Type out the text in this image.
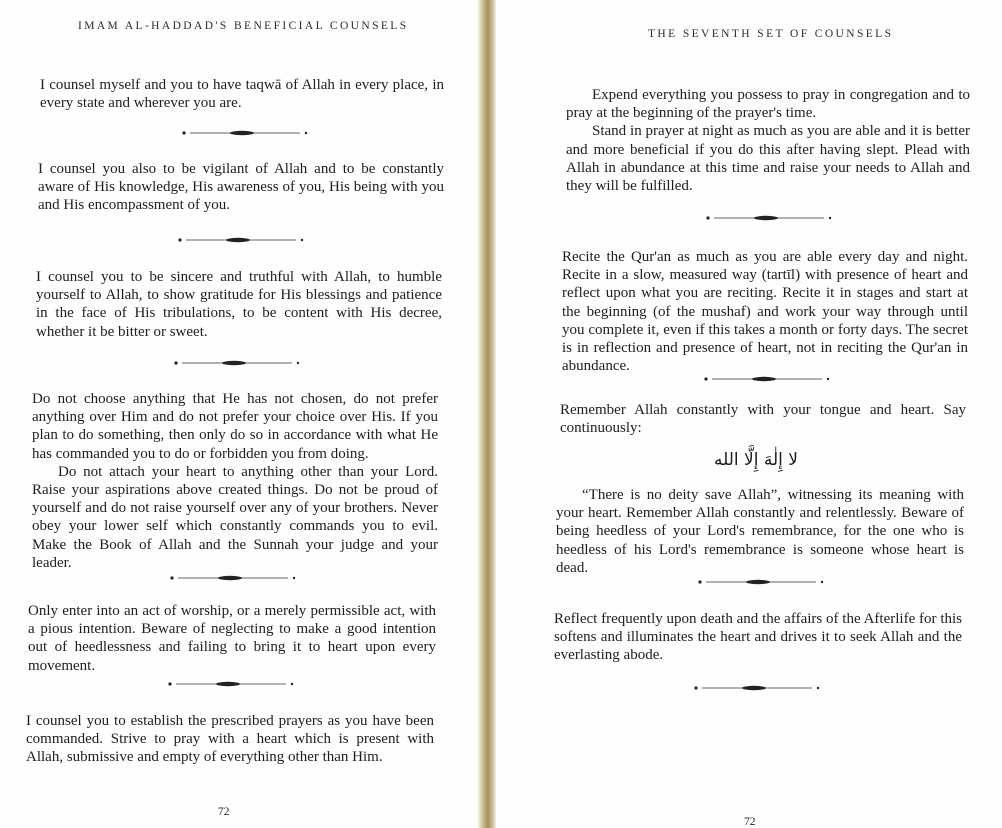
IMAM AL-HADDAD'S BENEFICIAL COUNSELS

I counsel myself and you to have taqwā of Allah in every place, in every state and wherever you are.

I counsel you also to be vigilant of Allah and to be constantly aware of His knowledge, His awareness of you, His being with you and His encompassment of you.

I counsel you to be sincere and truthful with Allah, to humble yourself to Allah, to show gratitude for His blessings and patience in the face of His tribulations, to be content with His decree, whether it be bitter or sweet.

Do not choose anything that He has not chosen, do not prefer anything over Him and do not prefer your choice over His. If you plan to do something, then only do so in accordance with what He has commanded you to do or forbidden you from doing.

Do not attach your heart to anything other than your Lord. Raise your aspirations above created things. Do not be proud of yourself and do not raise yourself over any of your brothers. Never obey your lower self which constantly commands you to evil. Make the Book of Allah and the Sunnah your judge and your leader.

Only enter into an act of worship, or a merely permissible act, with a pious intention. Beware of neglecting to make a good intention out of heedlessness and failing to bring it to heart upon every movement.

I counsel you to establish the prescribed prayers as you have been commanded. Strive to pray with a heart which is present with Allah, submissive and empty of everything other than Him.

72
THE SEVENTH SET OF COUNSELS

Expend everything you possess to pray in congregation and to pray at the beginning of the prayer's time.

Stand in prayer at night as much as you are able and it is better and more beneficial if you do this after having slept. Plead with Allah in abundance at this time and raise your needs to Allah and they will be fulfilled.

Recite the Qur'an as much as you are able every day and night. Recite in a slow, measured way (tartīl) with presence of heart and reflect upon what you are reciting. Recite it in stages and start at the beginning (of the mushaf) and work your way through until you complete it, even if this takes a month or forty days. The secret is in reflection and presence of heart, not in reciting the Qur'an in abundance.

Remember Allah constantly with your tongue and heart. Say continuously:

لا إِلٰهَ إِلَّا الله

“There is no deity save Allah”, witnessing its meaning with your heart. Remember Allah constantly and relentlessly. Beware of being heedless of your Lord's remembrance, for the one who is heedless of his Lord's remembrance is someone whose heart is dead.

Reflect frequently upon death and the affairs of the Afterlife for this softens and illuminates the heart and drives it to seek Allah and the everlasting abode.

72
